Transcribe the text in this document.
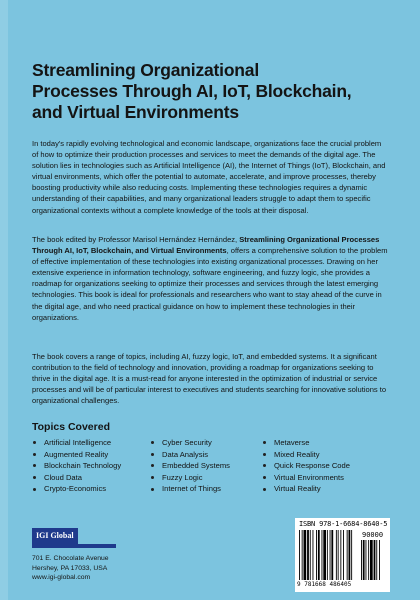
Streamlining Organizational
Processes Through AI, IoT, Blockchain,
and Virtual Environments

In today's rapidly evolving technological and economic landscape, organizations face the crucial problem of how to optimize their production processes and services to meet the demands of the digital age. The solution lies in technologies such as Artificial Intelligence (AI), the Internet of Things (IoT), Blockchain, and virtual environments, which offer the potential to automate, accelerate, and improve processes, thereby boosting productivity while also reducing costs. Implementing these technologies requires a dynamic understanding of their capabilities, and many organizational leaders struggle to adapt them to specific organizational contexts without a complete knowledge of the tools at their disposal.

The book edited by Professor Marisol Hernández Hernández, Streamlining Organizational Processes Through AI, IoT, Blockchain, and Virtual Environments, offers a comprehensive solution to the problem of effective implementation of these technologies into existing organizational processes. Drawing on her extensive experience in information technology, software engineering, and fuzzy logic, she provides a roadmap for organizations seeking to optimize their processes and services through the latest emerging technologies. This book is ideal for professionals and researchers who want to stay ahead of the curve in the digital age, and who need practical guidance on how to implement these technologies in their organizations.

The book covers a range of topics, including AI, fuzzy logic, IoT, and embedded systems. It a significant contribution to the field of technology and innovation, providing a roadmap for organizations seeking to thrive in the digital age. It is a must-read for anyone interested in the optimization of industrial or service processes and will be of particular interest to executives and students searching for innovative solutions to organizational challenges.

Topics Covered
Artificial Intelligence
Augmented Reality
Blockchain Technology
Cloud Data
Crypto-Economics
Cyber Security
Data Analysis
Embedded Systems
Fuzzy Logic
Internet of Things
Metaverse
Mixed Reality
Quick Response Code
Virtual Environments
Virtual Reality
IGI Global

701 E. Chocolate Avenue

Hershey, PA 17033, USA

www.igi-global.com

ISBN 978-1-6684-8640-5
90000
9 781668 486405
